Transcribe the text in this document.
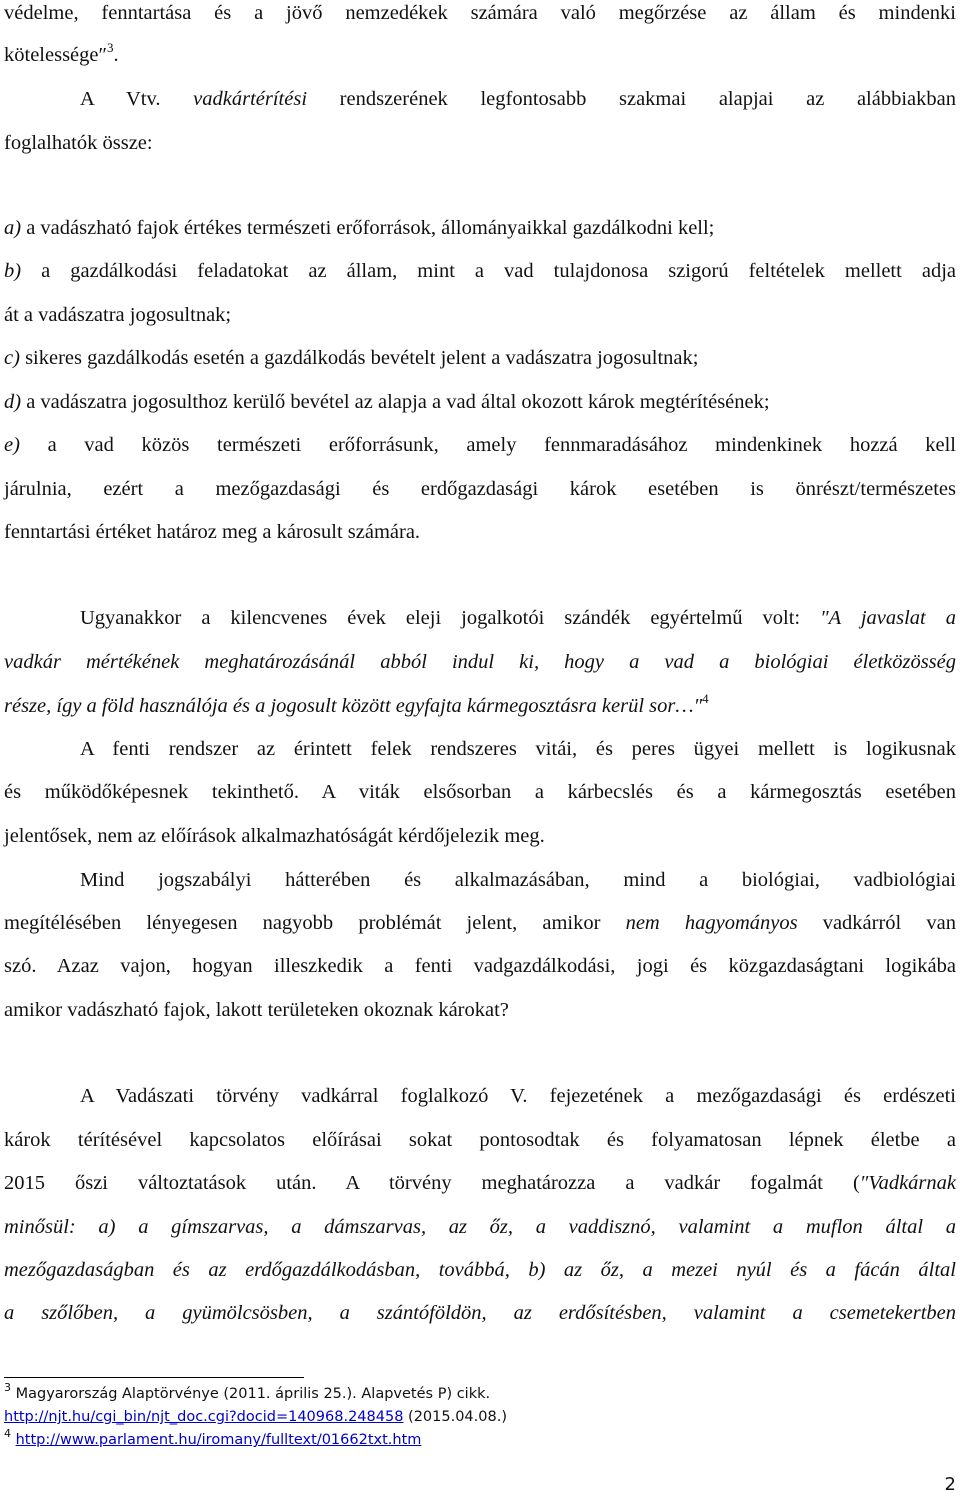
védelme, fenntartása és a jövő nemzedékek számára való megőrzése az állam és mindenki
kötelessége″$^3$.
A Vtv. vadkártérítési rendszerének legfontosabb szakmai alapjai az alábbiakban
foglalhatók össze:
a) a vadászható fajok értékes természeti erőforrások, állományaikkal gazdálkodni kell;
b) a gazdálkodási feladatokat az állam, mint a vad tulajdonosa szigorú feltételek mellett adja
át a vadászatra jogosultnak;
c) sikeres gazdálkodás esetén a gazdálkodás bevételt jelent a vadászatra jogosultnak;
d) a vadászatra jogosulthoz kerülő bevétel az alapja a vad által okozott károk megtérítésének;
e) a vad közös természeti erőforrásunk, amely fennmaradásához mindenkinek hozzá kell
járulnia, ezért a mezőgazdasági és erdőgazdasági károk esetében is önrészt/természetes
fenntartási értéket határoz meg a károsult számára.
Ugyanakkor a kilencvenes évek eleji jogalkotói szándék egyértelmű volt: ″A javaslat a
vadkár mértékének meghatározásánál abból indul ki, hogy a vad a biológiai életközösség
része, így a föld használója és a jogosult között egyfajta kármegosztásra kerül sor…″$^4$
A fenti rendszer az érintett felek rendszeres vitái, és peres ügyei mellett is logikusnak
és működőképesnek tekinthető. A viták elsősorban a kárbecslés és a kármegosztás esetében
jelentősek, nem az előírások alkalmazhatóságát kérdőjelezik meg.
Mind jogszabályi hátterében és alkalmazásában, mind a biológiai, vadbiológiai
megítélésében lényegesen nagyobb problémát jelent, amikor nem hagyományos vadkárról van
szó. Azaz vajon, hogyan illeszkedik a fenti vadgazdálkodási, jogi és közgazdaságtani logikába
amikor vadászható fajok, lakott területeken okoznak károkat?
A Vadászati törvény vadkárral foglalkozó V. fejezetének a mezőgazdasági és erdészeti
károk térítésével kapcsolatos előírásai sokat pontosodtak és folyamatosan lépnek életbe a
2015 őszi változtatások után. A törvény meghatározza a vadkár fogalmát (″Vadkárnak
minősül: a) a gímszarvas, a dámszarvas, az őz, a vaddisznó, valamint a muflon által a
mezőgazdaságban és az erdőgazdálkodásban, továbbá, b) az őz, a mezei nyúl és a fácán által
a szőlőben, a gyümölcsösben, a szántóföldön, az erdősítésben, valamint a csemetekertben
$^3$ Magyarország Alaptörvénye (2011. április 25.). Alapvetés P) cikk.
http://njt.hu/cgi_bin/njt_doc.cgi?docid=140968.248458 (2015.04.08.)
$^4$ http://www.parlament.hu/iromany/fulltext/01662txt.htm
2
